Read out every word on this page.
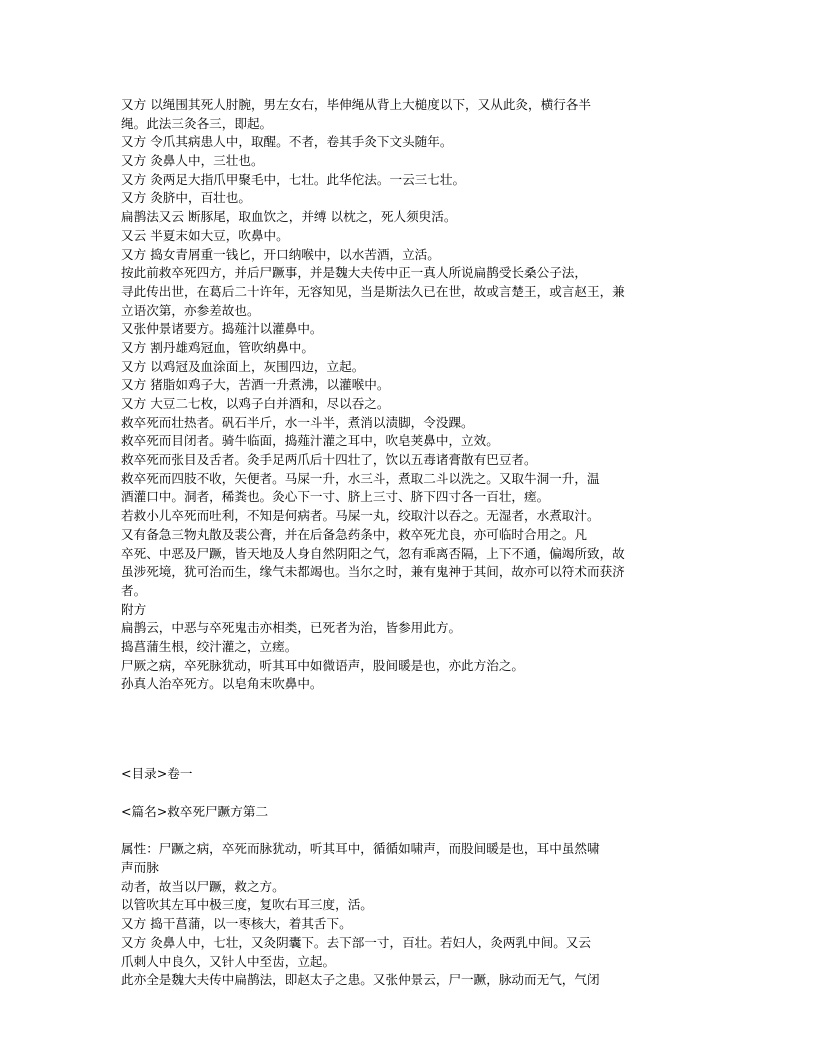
又方 以绳围其死人肘腕，男左女右，毕伸绳从背上大槌度以下，又从此灸，横行各半
绳。此法三灸各三，即起。
又方 令爪其病患人中，取醒。不者，卷其手灸下文头随年。
又方 灸鼻人中，三壮也。
又方 灸两足大指爪甲聚毛中，七壮。此华佗法。一云三七壮。
又方 灸脐中，百壮也。
扁鹊法又云 断豚尾，取血饮之，并缚 以枕之，死人须臾活。
又云 半夏末如大豆，吹鼻中。
又方 捣女青屑重一钱匕，开口纳喉中，以水苦酒，立活。
按此前救卒死四方，并后尸蹶事，并是魏大夫传中正一真人所说扁鹊受长桑公子法，
寻此传出世，在葛后二十许年，无容知见，当是斯法久已在世，故或言楚王，或言赵王，兼
立语次第，亦参差故也。
又张仲景诸要方。捣薤汁以灌鼻中。
又方 割丹雄鸡冠血，管吹纳鼻中。
又方 以鸡冠及血涂面上，灰围四边，立起。
又方 猪脂如鸡子大，苦酒一升煮沸，以灌喉中。
又方 大豆二七枚，以鸡子白并酒和，尽以吞之。
救卒死而壮热者。矾石半斤，水一斗半，煮消以渍脚，令没踝。
救卒死而目闭者。骑牛临面，捣薤汁灌之耳中，吹皂荚鼻中，立效。
救卒死而张目及舌者。灸手足两爪后十四壮了，饮以五毒诸膏散有巴豆者。
救卒死而四肢不收，矢便者。马屎一升，水三斗，煮取二斗以洗之。又取牛洞一升，温
酒灌口中。洞者，稀粪也。灸心下一寸、脐上三寸、脐下四寸各一百壮，瘥。
若救小儿卒死而吐利，不知是何病者。马屎一丸，绞取汁以吞之。无湿者，水煮取汁。
又有备急三物丸散及裴公膏，并在后备急药条中，救卒死尤良，亦可临时合用之。凡
卒死、中恶及尸蹶，皆天地及人身自然阴阳之气，忽有乖离否隔，上下不通，偏竭所致，故
虽涉死境，犹可治而生，缘气未都竭也。当尔之时，兼有鬼神于其间，故亦可以符术而获济
者。
附方
扁鹊云，中恶与卒死鬼击亦相类，已死者为治，皆参用此方。
捣菖蒲生根，绞汁灌之，立瘥。
尸厥之病，卒死脉犹动，听其耳中如微语声，股间暖是也，亦此方治之。
孙真人治卒死方。以皂角末吹鼻中。
<目录>卷一
<篇名>救卒死尸蹶方第二
属性：尸蹶之病，卒死而脉犹动，听其耳中，循循如啸声，而股间暖是也，耳中虽然啸
声而脉
动者，故当以尸蹶，救之方。
以管吹其左耳中极三度，复吹右耳三度，活。
又方 捣干菖蒲，以一枣核大，着其舌下。
又方 灸鼻人中，七壮，又灸阴囊下。去下部一寸，百壮。若妇人，灸两乳中间。又云
爪刺人中良久，又针人中至齿，立起。
此亦全是魏大夫传中扁鹊法，即赵太子之患。又张仲景云，尸一蹶，脉动而无气，气闭
